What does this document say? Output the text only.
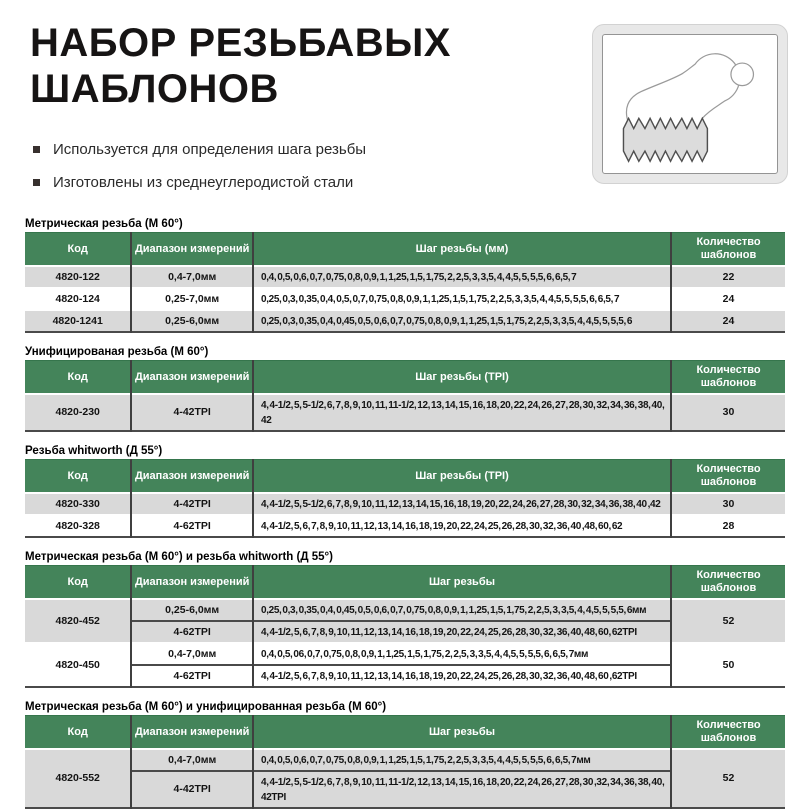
НАБОР РЕЗЬБАВЫХ
ШАБЛОНОВ
Используется для определения шага резьбы
Изготовлены из среднеуглеродистой стали
Метрическая резьба (М 60°)
Код	Диапазон измерений	Шаг резьбы (мм)	Количество шаблонов
4820-122	0,4-7,0мм	0,4, 0,5, 0,6, 0,7, 0,75, 0,8, 0,9, 1, 1,25, 1,5, 1,75, 2, 2,5, 3, 3,5, 4, 4,5, 5, 5,5, 6, 6,5, 7	22
4820-124	0,25-7,0мм	0,25, 0,3, 0,35, 0,4, 0,5, 0,7, 0,75, 0,8, 0,9, 1, 1,25, 1,5, 1,75, 2, 2,5, 3, 3,5, 4, 4,5, 5, 5,5, 6, 6,5, 7	24
4820-1241	0,25-6,0мм	0,25, 0,3, 0,35, 0,4, 0,45, 0,5, 0,6, 0,7, 0,75, 0,8, 0,9, 1, 1,25, 1,5, 1,75, 2, 2,5, 3, 3,5, 4, 4,5, 5, 5,5, 6	24
Унифицированая резьба (М 60°)
Код	Диапазон измерений	Шаг резьбы (TPI)	Количество шаблонов
4820-230	4-42TPI	4, 4-1/2, 5, 5-1/2, 6, 7, 8, 9, 10, 11, 11-1/2, 12, 13, 14, 15, 16, 18, 20, 22, 24, 26, 27, 28, 30, 32, 34, 36, 38, 40, 42	30
Резьба whitworth (Д 55°)
Код	Диапазон измерений	Шаг резьбы (TPI)	Количество шаблонов
4820-330	4-42TPI	4, 4-1/2, 5, 5-1/2, 6, 7, 8, 9, 10, 11, 12, 13, 14, 15, 16, 18, 19, 20, 22, 24, 26, 27, 28, 30, 32, 34, 36, 38, 40 ,42	30
4820-328	4-62TPI	4, 4-1/2, 5, 6, 7, 8, 9, 10, 11, 12, 13, 14, 16, 18, 19, 20, 22, 24, 25, 26, 28, 30, 32, 36, 40 ,48, 60, 62	28
Метрическая резьба (М 60°) и резьба whitworth (Д 55°)
Код	Диапазон измерений	Шаг резьбы	Количество шаблонов
4820-452	0,25-6,0мм	0,25, 0,3, 0,35, 0,4, 0,45, 0,5, 0,6, 0,7, 0,75, 0,8, 0,9, 1, 1,25, 1,5, 1,75, 2, 2,5, 3, 3,5, 4, 4,5, 5, 5,5, 6мм	52
	4-62TPI	4, 4-1/2, 5, 6, 7, 8, 9, 10, 11, 12, 13, 14, 16, 18, 19, 20, 22, 24, 25, 26, 28, 30, 32, 36, 40, 48, 60, 62TPI	
4820-450	0,4-7,0мм	0,4, 0,5, 06, 0,7, 0,75, 0,8, 0,9, 1, 1,25, 1,5, 1,75, 2, 2,5, 3, 3,5, 4, 4,5, 5, 5,5, 6, 6,5, 7мм	50
	4-62TPI	4, 4-1/2, 5, 6, 7, 8, 9, 10, 11, 12, 13, 14, 16, 18, 19, 20, 22, 24, 25, 26, 28, 30, 32, 36, 40, 48, 60 ,62TPI	
Метрическая резьба (М 60°) и унифицированная резьба (М 60°)
Код	Диапазон измерений	Шаг резьбы	Количество шаблонов
4820-552	0,4-7,0мм	0,4, 0,5, 0,6, 0,7, 0,75, 0,8, 0,9, 1, 1,25, 1,5, 1,75, 2, 2,5, 3, 3,5, 4, 4,5, 5, 5,5, 6, 6,5, 7мм	52
	4-42TPI	4, 4-1/2, 5, 5-1/2, 6, 7, 8, 9, 10, 11, 11-1/2, 12, 13, 14, 15, 16, 18, 20, 22, 24, 26, 27, 28, 30 ,32, 34, 36, 38, 40, 42TPI	
